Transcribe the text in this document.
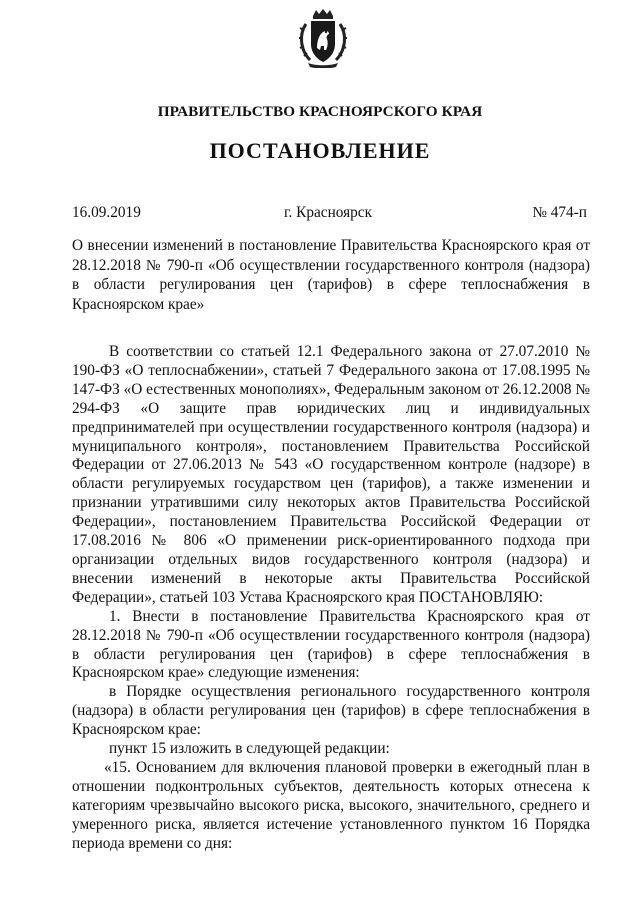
ПРАВИТЕЛЬСТВО КРАСНОЯРСКОГО КРАЯ
ПОСТАНОВЛЕНИЕ
16.09.2019	г. Красноярск	№ 474-п
О внесении изменений в постановление Правительства Красноярского края от 28.12.2018 № 790-п «Об осуществлении государственного контроля (надзора) в области регулирования цен (тарифов) в сфере теплоснабжения в Красноярском крае»

В соответствии со статьей 12.1 Федерального закона от 27.07.2010 № 190-ФЗ «О теплоснабжении», статьей 7 Федерального закона от 17.08.1995 № 147-ФЗ «О естественных монополиях», Федеральным законом от 26.12.2008 № 294-ФЗ «О защите прав юридических лиц и индивидуальных предпринимателей при осуществлении государственного контроля (надзора) и муниципального контроля», постановлением Правительства Российской Федерации от 27.06.2013 № 543 «О государственном контроле (надзоре) в области регулируемых государством цен (тарифов), а также изменении и признании утратившими силу некоторых актов Правительства Российской Федерации», постановлением Правительства Российской Федерации от 17.08.2016 № 806 «О применении риск-ориентированного подхода при организации отдельных видов государственного контроля (надзора) и внесении изменений в некоторые акты Правительства Российской Федерации», статьей 103 Устава Красноярского края ПОСТАНОВЛЯЮ:

1. Внести в постановление Правительства Красноярского края от 28.12.2018 № 790-п «Об осуществлении государственного контроля (надзора) в области регулирования цен (тарифов) в сфере теплоснабжения в Красноярском крае» следующие изменения:

в Порядке осуществления регионального государственного контроля (надзора) в области регулирования цен (тарифов) в сфере теплоснабжения в Красноярском крае:

пункт 15 изложить в следующей редакции:

«15. Основанием для включения плановой проверки в ежегодный план в отношении подконтрольных субъектов, деятельность которых отнесена к категориям чрезвычайно высокого риска, высокого, значительного, среднего и умеренного риска, является истечение установленного пунктом 16 Порядка периода времени со дня:
